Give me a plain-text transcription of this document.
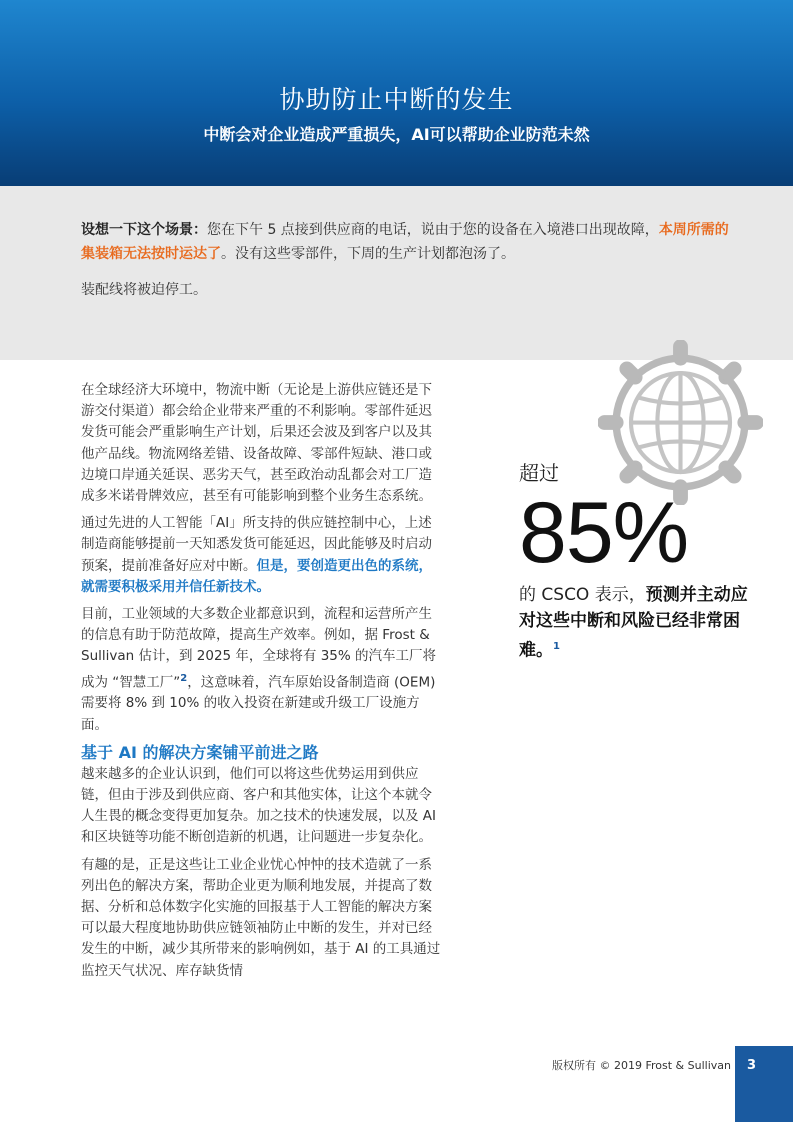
协助防止中断的发生

中断会对企业造成严重损失，AI可以帮助企业防范未然

设想一下这个场景：您在下午 5 点接到供应商的电话，说由于您的设备在入境港口出现故障，本周所需的集装箱无法按时运达了。没有这些零部件，下周的生产计划都泡汤了。

装配线将被迫停工。

超过
85%
的 CSCO 表示，预测并主动应对这些中断和风险已经非常困难。$^1$

在全球经济大环境中，物流中断（无论是上游供应链还是下游交付渠道）都会给企业带来严重的不利影响。零部件延迟发货可能会严重影响生产计划，后果还会波及到客户以及其他产品线。物流网络差错、设备故障、零部件短缺、港口或边境口岸通关延误、恶劣天气，甚至政治动乱都会对工厂造成多米诺骨牌效应，甚至有可能影响到整个业务生态系统。

通过先进的人工智能「AI」所支持的供应链控制中心，上述制造商能够提前一天知悉发货可能延迟，因此能够及时启动预案，提前准备好应对中断。但是，要创造更出色的系统，就需要积极采用并信任新技术。

目前，工业领域的大多数企业都意识到，流程和运营所产生的信息有助于防范故障，提高生产效率。例如，据 Frost & Sullivan 估计，到 2025 年，全球将有 35% 的汽车工厂将成为 “智慧工厂”$^2$，这意味着，汽车原始设备制造商 (OEM) 需要将 8% 到 10% 的收入投资在新建或升级工厂设施方面。

基于 AI 的解决方案铺平前进之路

越来越多的企业认识到，他们可以将这些优势运用到供应链，但由于涉及到供应商、客户和其他实体，让这个本就令人生畏的概念变得更加复杂。加之技术的快速发展，以及 AI 和区块链等功能不断创造新的机遇，让问题进一步复杂化。

有趣的是，正是这些让工业企业忧心忡忡的技术造就了一系列出色的解决方案，帮助企业更为顺利地发展，并提高了数据、分析和总体数字化实施的回报基于人工智能的解决方案可以最大程度地协助供应链领袖防止中断的发生，并对已经发生的中断，减少其所带来的影响例如，基于 AI 的工具通过监控天气状况、库存缺货情

版权所有 © 2019 Frost & Sullivan 3
